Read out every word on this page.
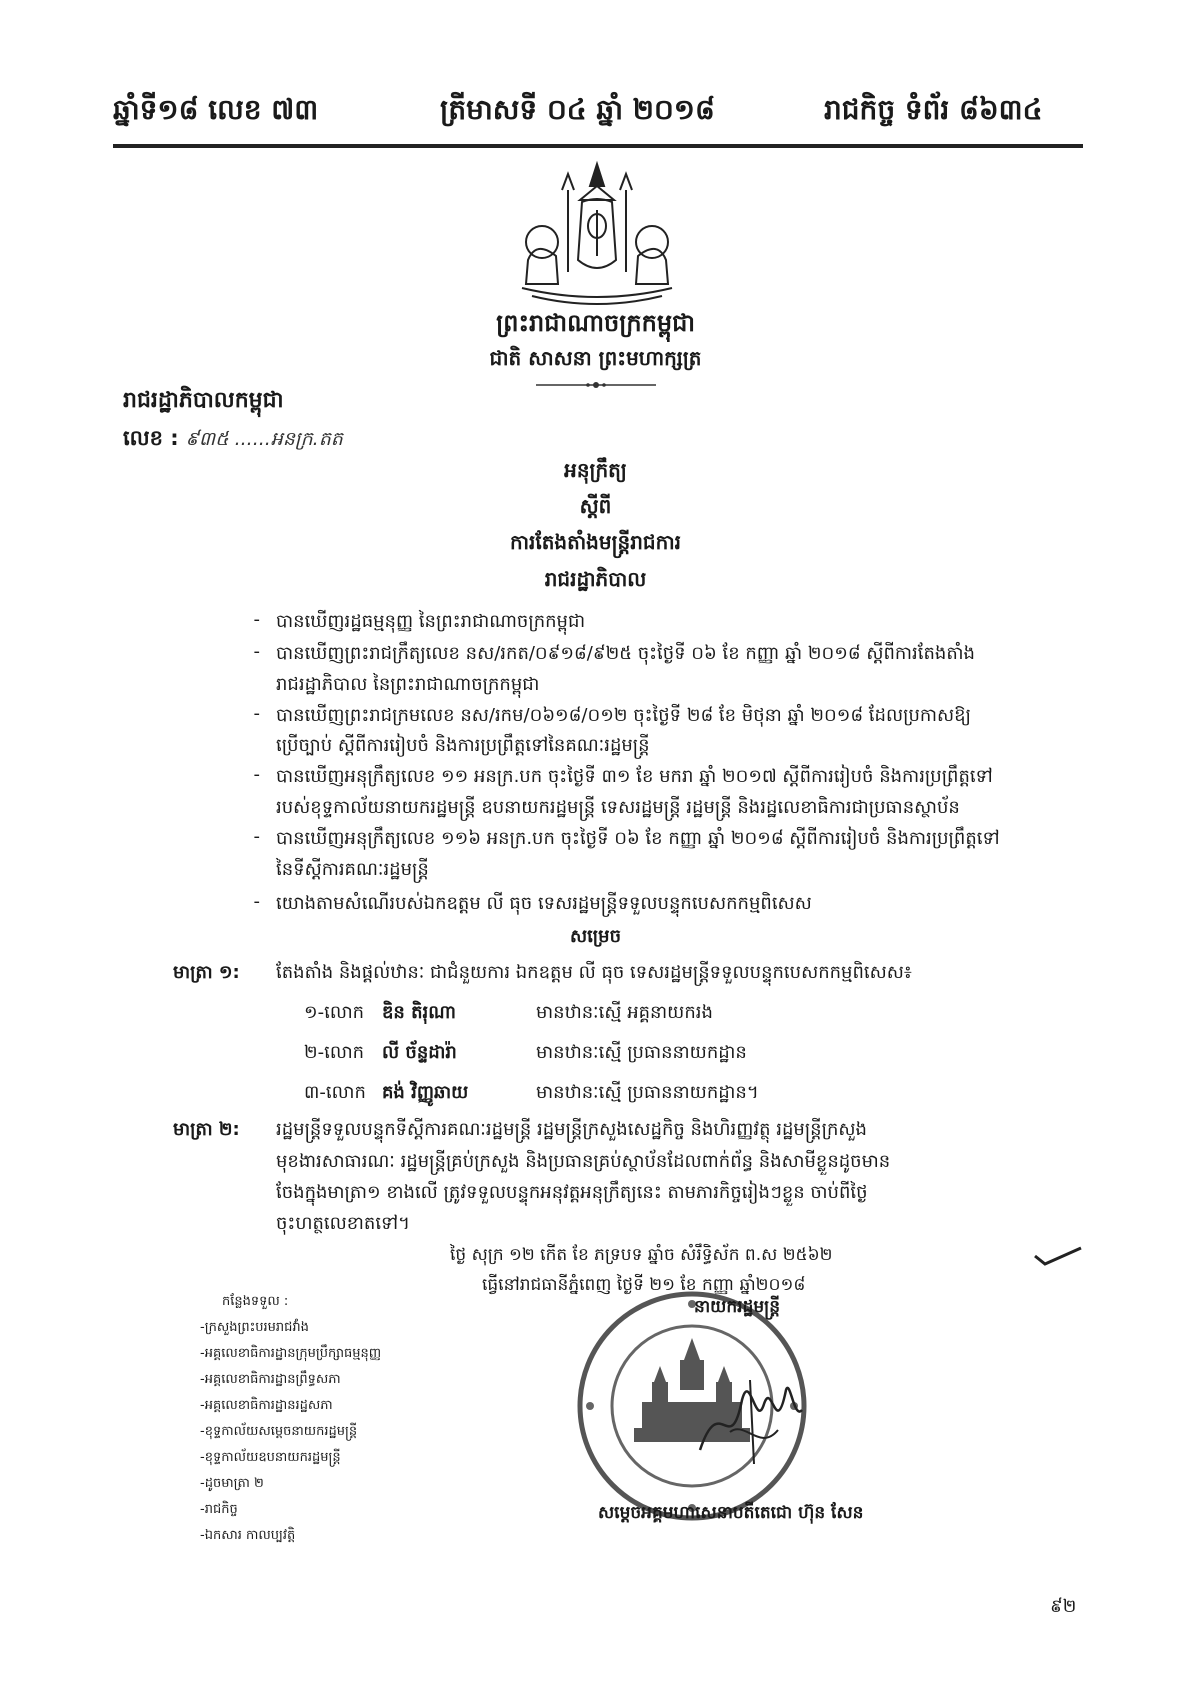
ឆ្នាំទី១៨ លេខ ៧៣	ត្រីមាសទី ០៤ ឆ្នាំ ២០១៨	រាជកិច្ច ទំព័រ ៨៦៣៤
ព្រះរាជាណាចក្រកម្ពុជា
ជាតិ សាសនា ព្រះមហាក្សត្រ
រាជរដ្ឋាភិបាលកម្ពុជា
លេខ : ៩៣៥ ......អនក្រ.តត
អនុក្រឹត្យ
ស្តីពី
ការតែងតាំងមន្ត្រីរាជការ
រាជរដ្ឋាភិបាល
- បានឃើញរដ្ឋធម្មនុញ្ញ នៃព្រះរាជាណាចក្រកម្ពុជា
- បានឃើញព្រះរាជក្រឹត្យលេខ នស/រកត/០៩១៨/៩២៥ ចុះថ្ងៃទី ០៦ ខែ កញ្ញា ឆ្នាំ ២០១៨ ស្តីពីការតែងតាំង
រាជរដ្ឋាភិបាល នៃព្រះរាជាណាចក្រកម្ពុជា
- បានឃើញព្រះរាជក្រមលេខ នស/រកម/០៦១៨/០១២ ចុះថ្ងៃទី ២៨ ខែ មិថុនា ឆ្នាំ ២០១៨ ដែលប្រកាសឱ្យ
ប្រើច្បាប់ ស្តីពីការរៀបចំ និងការប្រព្រឹត្តទៅនៃគណៈរដ្ឋមន្ត្រី
- បានឃើញអនុក្រឹត្យលេខ ១១ អនក្រ.បក ចុះថ្ងៃទី ៣១ ខែ មករា ឆ្នាំ ២០១៧ ស្តីពីការរៀបចំ និងការប្រព្រឹត្តទៅ
របស់ខុទ្ទកាល័យនាយករដ្ឋមន្ត្រី ឧបនាយករដ្ឋមន្ត្រី ទេសរដ្ឋមន្ត្រី រដ្ឋមន្ត្រី និងរដ្ឋលេខាធិការជាប្រធានស្ថាប័ន
- បានឃើញអនុក្រឹត្យលេខ ១១៦ អនក្រ.បក ចុះថ្ងៃទី ០៦ ខែ កញ្ញា ឆ្នាំ ២០១៨ ស្តីពីការរៀបចំ និងការប្រព្រឹត្តទៅ
នៃទីស្តីការគណៈរដ្ឋមន្ត្រី
- យោងតាមសំណើរបស់ឯកឧត្តម លី ធុច ទេសរដ្ឋមន្ត្រីទទួលបន្ទុកបេសកកម្មពិសេស
សម្រេច
មាត្រា ១: តែងតាំង និងផ្តល់ឋានៈ ជាជំនួយការ ឯកឧត្តម លី ធុច ទេសរដ្ឋមន្ត្រីទទួលបន្ទុកបេសកកម្មពិសេស៖
១-លោក ឌិន តិរុណា	មានឋានៈស្មើ អគ្គនាយករង
២-លោក លី ច័ន្ទដារ៉ា	មានឋានៈស្មើ ប្រធាននាយកដ្ឋាន
៣-លោក គង់ វិញ្ញូឆាយ	មានឋានៈស្មើ ប្រធាននាយកដ្ឋាន។
មាត្រា ២: រដ្ឋមន្ត្រីទទួលបន្ទុកទីស្តីការគណៈរដ្ឋមន្ត្រី រដ្ឋមន្ត្រីក្រសួងសេដ្ឋកិច្ច និងហិរញ្ញវត្ថុ រដ្ឋមន្ត្រីក្រសួង
មុខងារសាធារណៈ រដ្ឋមន្ត្រីគ្រប់ក្រសួង និងប្រធានគ្រប់ស្ថាប័នដែលពាក់ព័ន្ធ និងសាមីខ្លួនដូចមាន
ចែងក្នុងមាត្រា១ ខាងលើ ត្រូវទទួលបន្ទុកអនុវត្តអនុក្រឹត្យនេះ តាមភារកិច្ចរៀងៗខ្លួន ចាប់ពីថ្ងៃ
ចុះហត្ថលេខាតទៅ។
ថ្ងៃ សុក្រ ១២ កើត ខែ ភទ្របទ ឆ្នាំច សំរឹទ្ធិស័ក ព.ស ២៥៦២
ធ្វើនៅរាជធានីភ្នំពេញ ថ្ងៃទី ២១ ខែ កញ្ញា ឆ្នាំ២០១៨
នាយករដ្ឋមន្ត្រី
សម្តេចអគ្គមហាសេនាបតីតេជោ ហ៊ុន សែន
កន្លែងទទួល :
-ក្រសួងព្រះបរមរាជវាំង
-អគ្គលេខាធិការដ្ឋានក្រុមប្រឹក្សាធម្មនុញ្ញ
-អគ្គលេខាធិការដ្ឋានព្រឹទ្ធសភា
-អគ្គលេខាធិការដ្ឋានរដ្ឋសភា
-ខុទ្ទកាល័យសម្តេចនាយករដ្ឋមន្ត្រី
-ខុទ្ទកាល័យឧបនាយករដ្ឋមន្ត្រី
-ដូចមាត្រា ២
-រាជកិច្ច
-ឯកសារ កាលប្បវត្តិ
៩២
